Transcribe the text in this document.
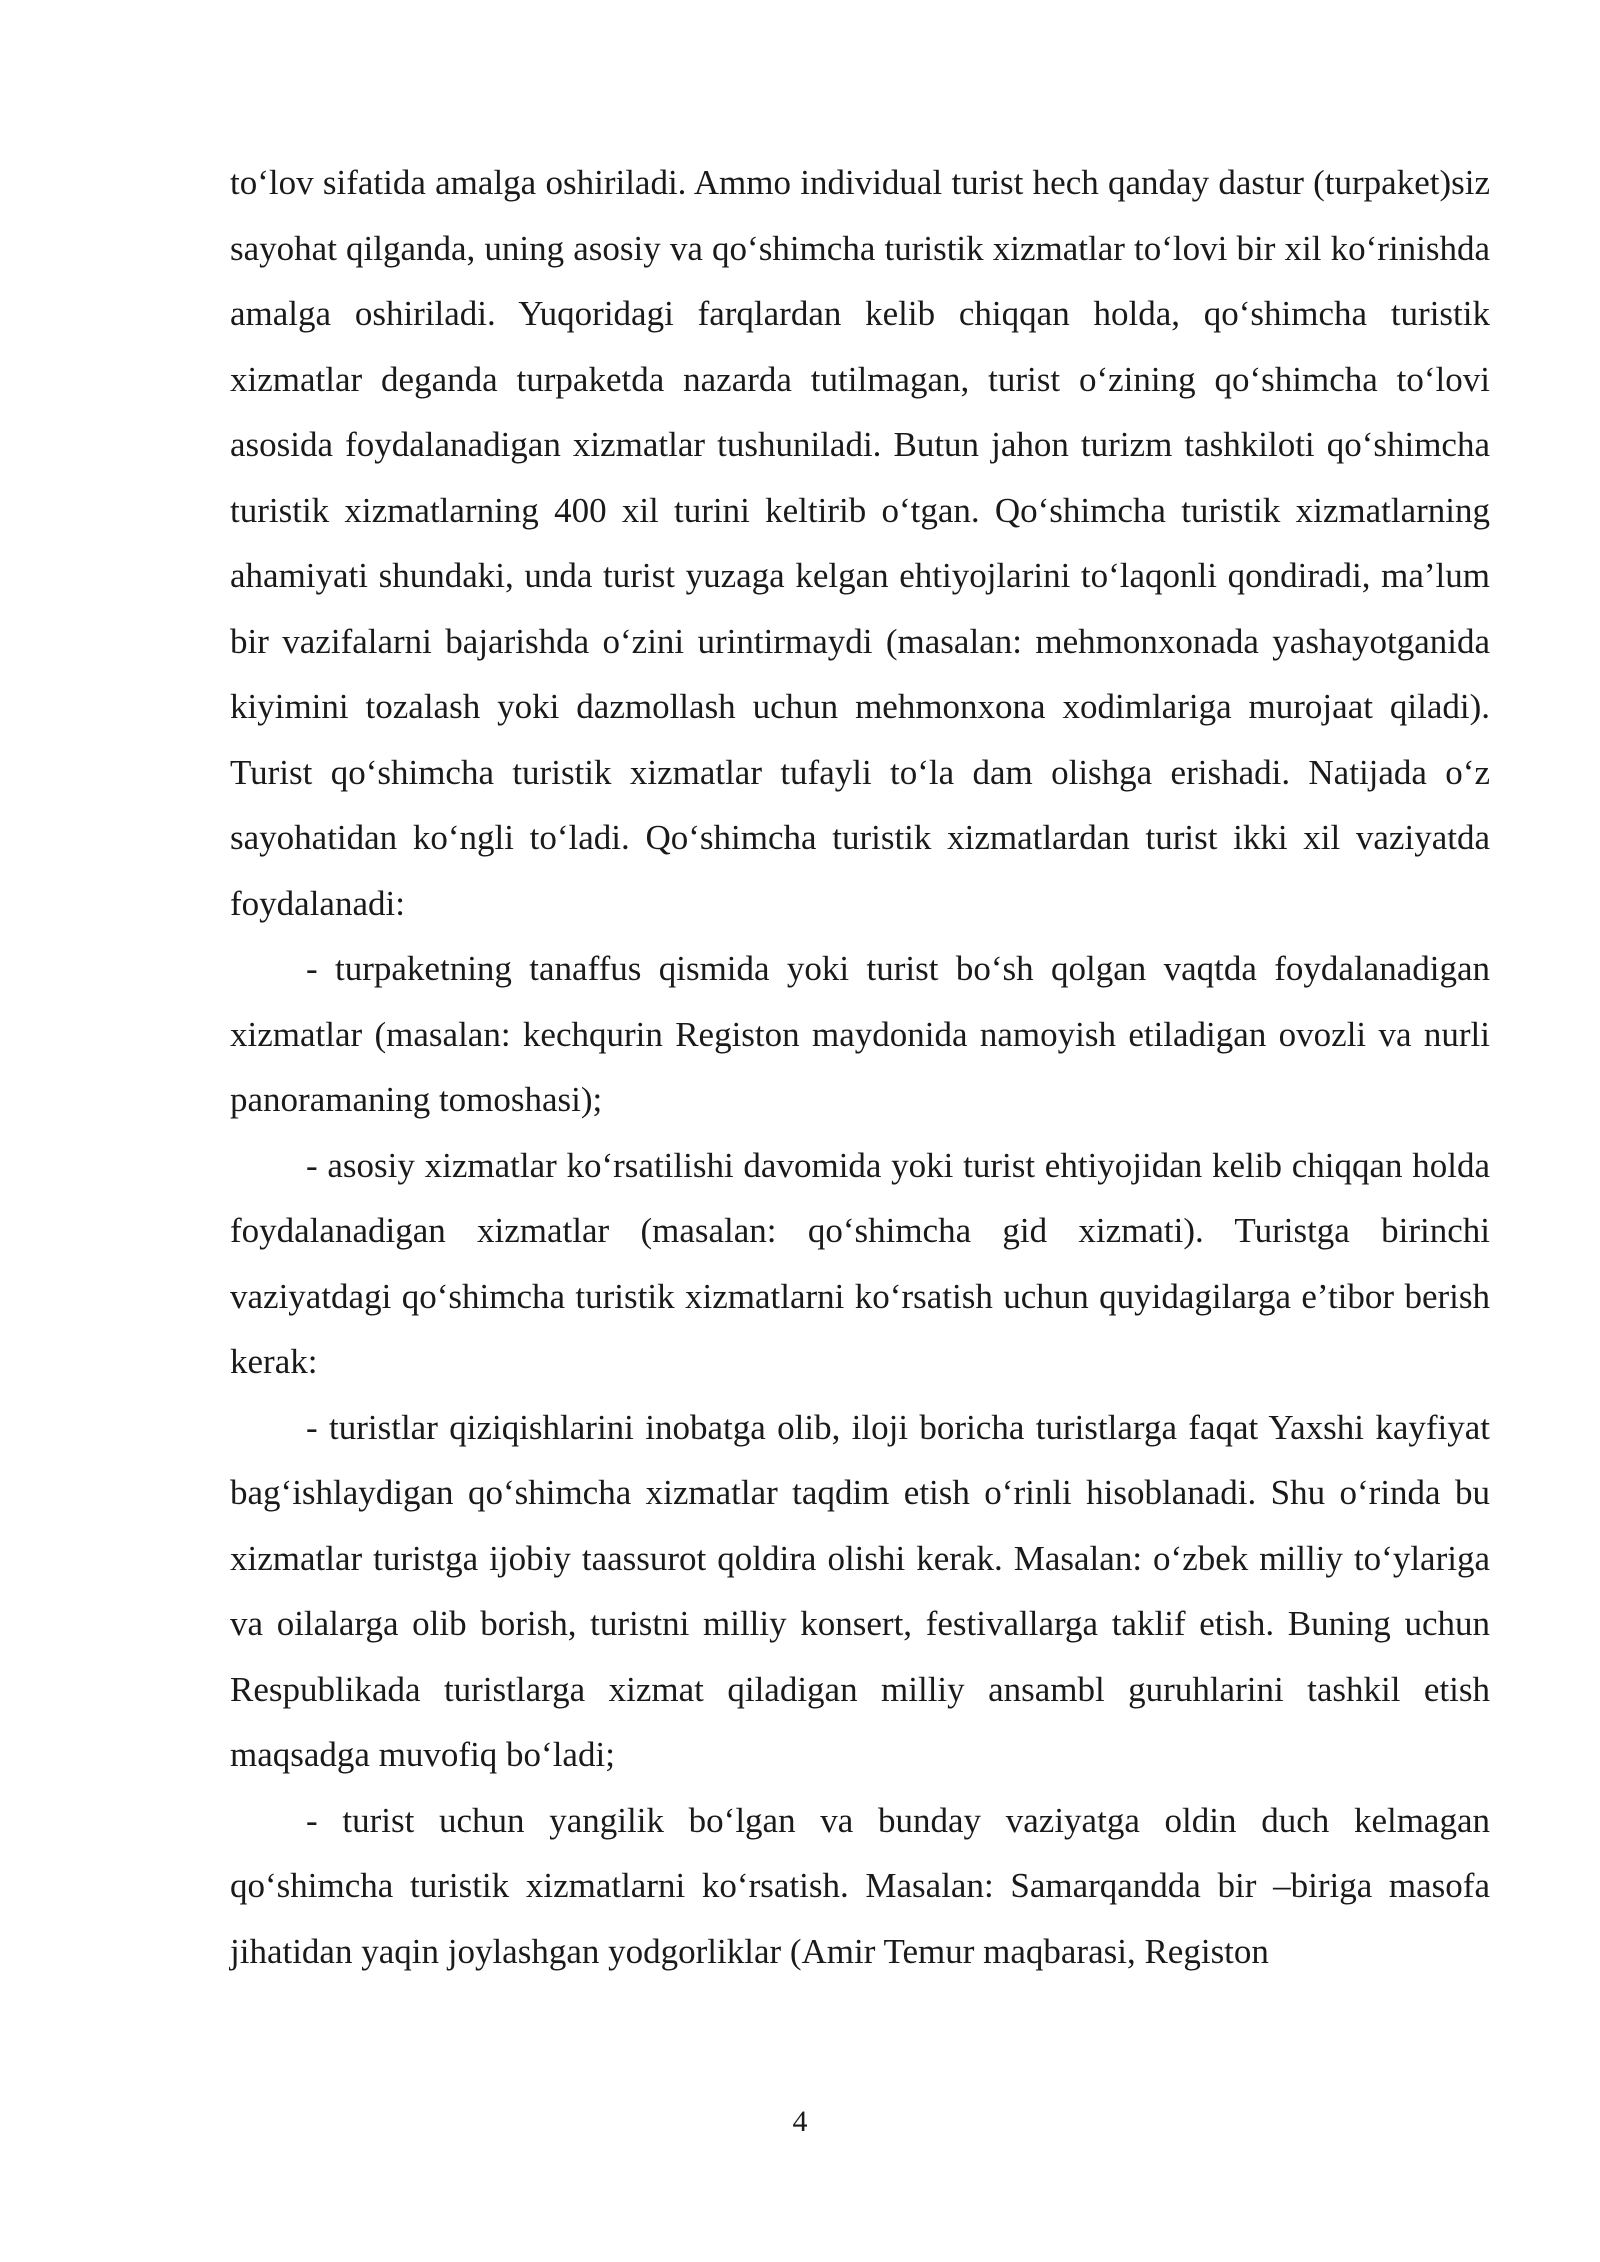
to‘lov sifatida amalga oshiriladi. Ammo individual turist hech qanday dastur (turpaket)siz sayohat qilganda, uning asosiy va qo‘shimcha turistik xizmatlar to‘lovi bir xil ko‘rinishda amalga oshiriladi. Yuqoridagi farqlardan kelib chiqqan holda, qo‘shimcha turistik xizmatlar deganda turpaketda nazarda tutilmagan, turist o‘zining qo‘shimcha to‘lovi asosida foydalanadigan xizmatlar tushuniladi. Butun jahon turizm tashkiloti qo‘shimcha turistik xizmatlarning 400 xil turini keltirib o‘tgan. Qo‘shimcha turistik xizmatlarning ahamiyati shundaki, unda turist yuzaga kelgan ehtiyojlarini to‘laqonli qondiradi, ma’lum bir vazifalarni bajarishda o‘zini urintirmaydi (masalan: mehmonxonada yashayotganida kiyimini tozalash yoki dazmollash uchun mehmonxona xodimlariga murojaat qiladi). Turist qo‘shimcha turistik xizmatlar tufayli to‘la dam olishga erishadi. Natijada o‘z sayohatidan ko‘ngli to‘ladi. Qo‘shimcha turistik xizmatlardan turist ikki xil vaziyatda foydalanadi:

- turpaketning tanaffus qismida yoki turist bo‘sh qolgan vaqtda foydalanadigan xizmatlar (masalan: kechqurin Registon maydonida namoyish etiladigan ovozli va nurli panoramaning tomoshasi);

- asosiy xizmatlar ko‘rsatilishi davomida yoki turist ehtiyojidan kelib chiqqan holda foydalanadigan xizmatlar (masalan: qo‘shimcha gid xizmati). Turistga birinchi vaziyatdagi qo‘shimcha turistik xizmatlarni ko‘rsatish uchun quyidagilarga e’tibor berish kerak:

- turistlar qiziqishlarini inobatga olib, iloji boricha turistlarga faqat Yaxshi kayfiyat bag‘ishlaydigan qo‘shimcha xizmatlar taqdim etish o‘rinli hisoblanadi. Shu o‘rinda bu xizmatlar turistga ijobiy taassurot qoldira olishi kerak. Masalan: o‘zbek milliy to‘ylariga va oilalarga olib borish, turistni milliy konsert, festivallarga taklif etish. Buning uchun Respublikada turistlarga xizmat qiladigan milliy ansambl guruhlarini tashkil etish maqsadga muvofiq bo‘ladi;

- turist uchun yangilik bo‘lgan va bunday vaziyatga oldin duch kelmagan qo‘shimcha turistik xizmatlarni ko‘rsatish. Masalan: Samarqandda bir –biriga masofa jihatidan yaqin joylashgan yodgorliklar (Amir Temur maqbarasi, Registon

4
